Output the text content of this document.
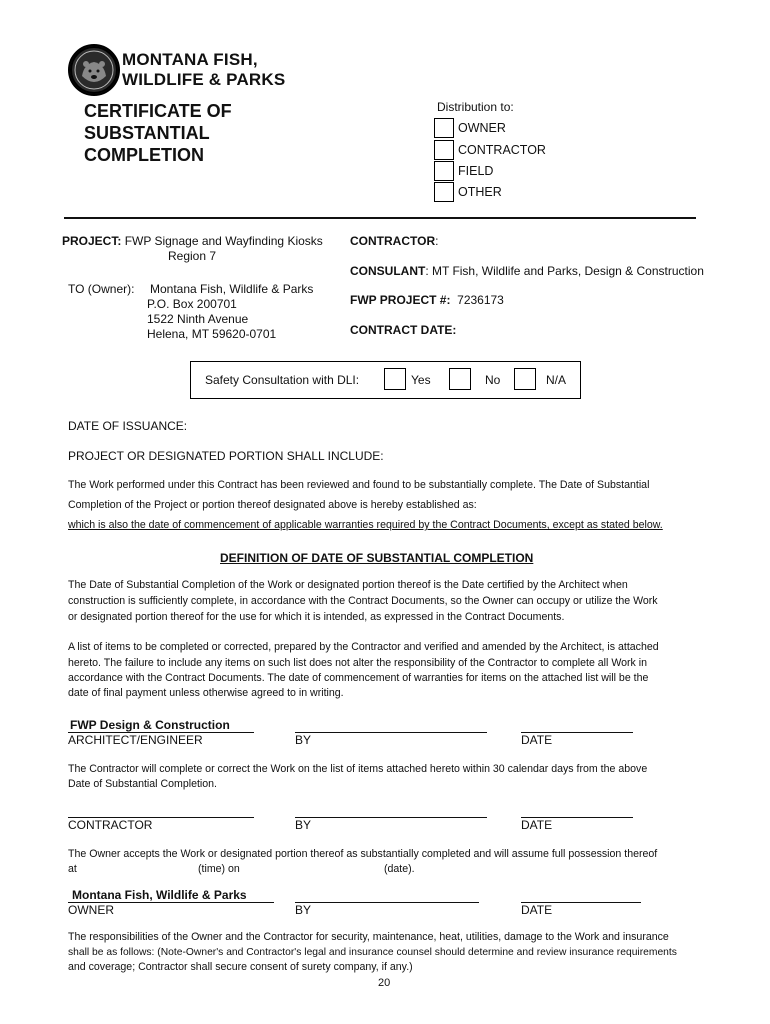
MONTANA FISH,
WILDLIFE & PARKS
CERTIFICATE OF
SUBSTANTIAL
COMPLETION
Distribution to:
OWNER
CONTRACTOR
FIELD
OTHER
PROJECT: FWP Signage and Wayfinding Kiosks
Region 7
TO (Owner): Montana Fish, Wildlife & Parks
P.O. Box 200701
1522 Ninth Avenue
Helena, MT 59620-0701
CONTRACTOR:
CONSULANT: MT Fish, Wildlife and Parks, Design & Construction
FWP PROJECT #: 7236173
CONTRACT DATE:
Safety Consultation with DLI:	Yes	No	N/A
DATE OF ISSUANCE:
PROJECT OR DESIGNATED PORTION SHALL INCLUDE:
The Work performed under this Contract has been reviewed and found to be substantially complete. The Date of Substantial
Completion of the Project or portion thereof designated above is hereby established as:
which is also the date of commencement of applicable warranties required by the Contract Documents, except as stated below.
DEFINITION OF DATE OF SUBSTANTIAL COMPLETION
The Date of Substantial Completion of the Work or designated portion thereof is the Date certified by the Architect when
construction is sufficiently complete, in accordance with the Contract Documents, so the Owner can occupy or utilize the Work
or designated portion thereof for the use for which it is intended, as expressed in the Contract Documents.
A list of items to be completed or corrected, prepared by the Contractor and verified and amended by the Architect, is attached
hereto. The failure to include any items on such list does not alter the responsibility of the Contractor to complete all Work in
accordance with the Contract Documents. The date of commencement of warranties for items on the attached list will be the
date of final payment unless otherwise agreed to in writing.
FWP Design & Construction
ARCHITECT/ENGINEER	BY	DATE
The Contractor will complete or correct the Work on the list of items attached hereto within 30 calendar days from the above
Date of Substantial Completion.
CONTRACTOR	BY	DATE
The Owner accepts the Work or designated portion thereof as substantially completed and will assume full possession thereof
at	(time) on	(date).
Montana Fish, Wildlife & Parks
OWNER	BY	DATE
The responsibilities of the Owner and the Contractor for security, maintenance, heat, utilities, damage to the Work and insurance
shall be as follows: (Note-Owner's and Contractor's legal and insurance counsel should determine and review insurance requirements
and coverage; Contractor shall secure consent of surety company, if any.)
20
